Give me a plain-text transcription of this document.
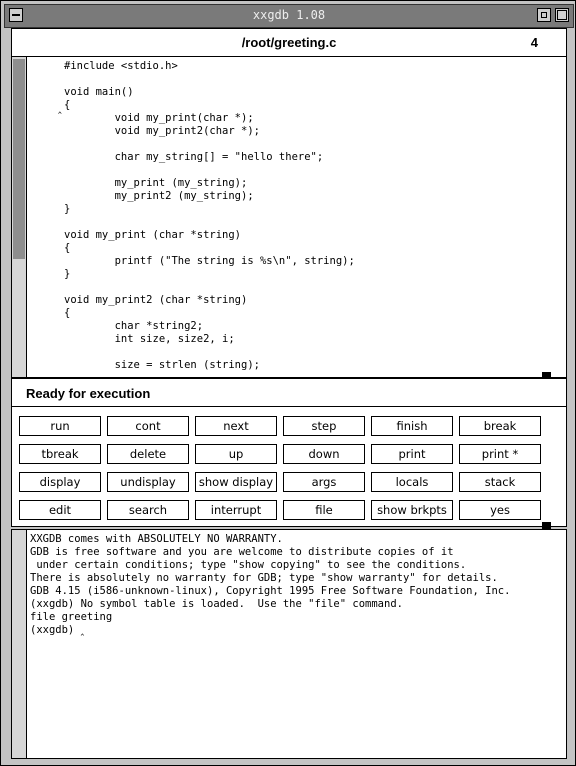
xxgdb 1.08
/root/greeting.c	4
#include <stdio.h>

void main()
{
void my_print(char *);
void my_print2(char *);

char my_string[] = "hello there";

my_print (my_string);
my_print2 (my_string);
}

void my_print (char *string)
{
printf ("The string is %s\n", string);
}

void my_print2 (char *string)
{
char *string2;
int size, size2, i;

size = strlen (string);
‸
Ready for execution
run	cont	next	step	finish	break
tbreak	delete	up	down	print	print *
display	undisplay	show display	args	locals	stack
edit	search	interrupt	file	show brkpts	yes
XXGDB comes with ABSOLUTELY NO WARRANTY.
GDB is free software and you are welcome to distribute copies of it
under certain conditions; type "show copying" to see the conditions.
There is absolutely no warranty for GDB; type "show warranty" for details.
GDB 4.15 (i586-unknown-linux), Copyright 1995 Free Software Foundation, Inc.
(xxgdb) No symbol table is loaded.  Use the "file" command.
file greeting
(xxgdb) ‸
